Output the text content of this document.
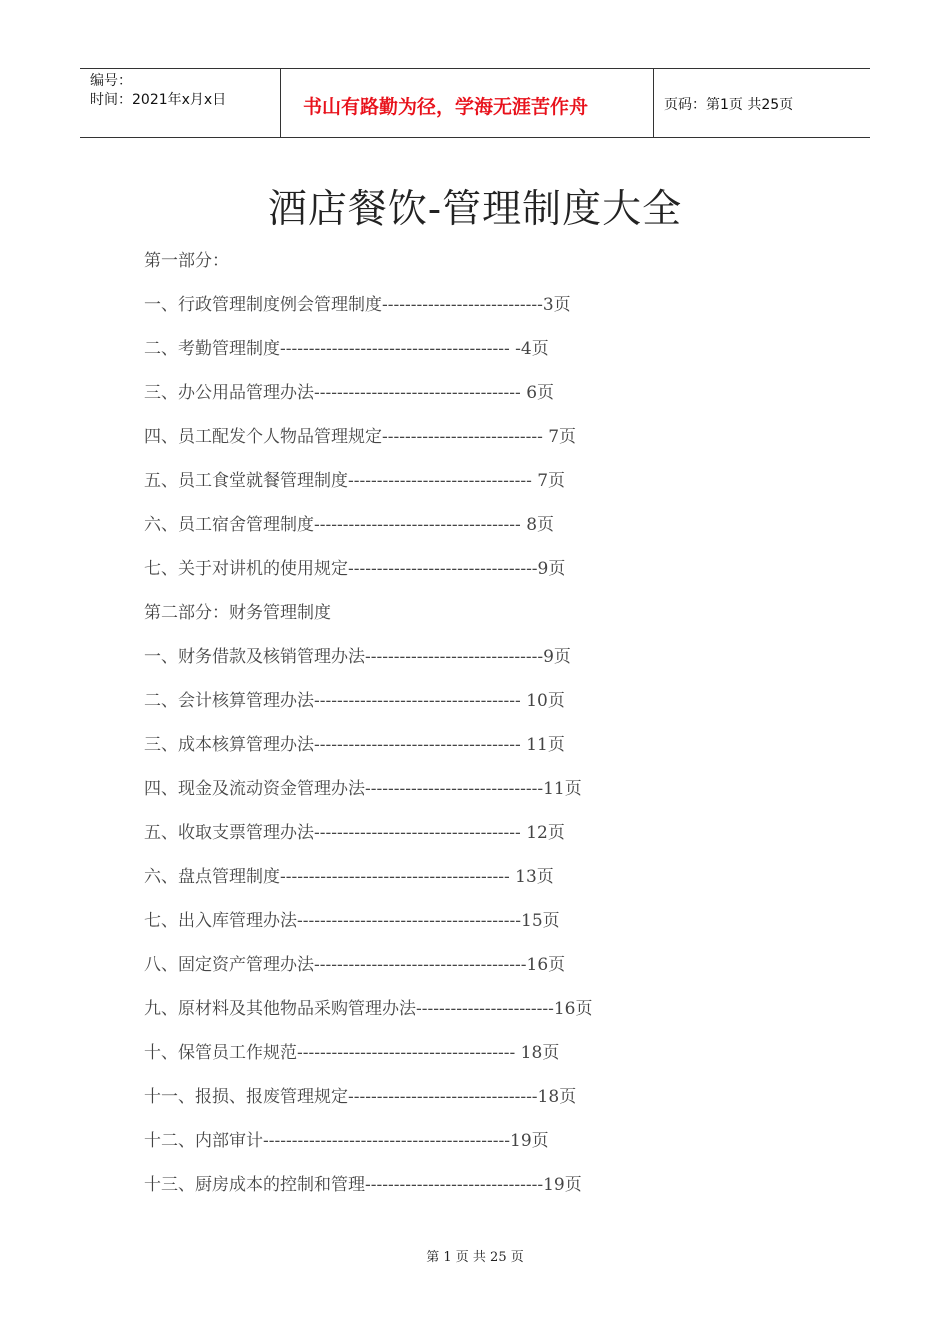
编号：
时间：2021年x月x日	书山有路勤为径，学海无涯苦作舟	页码：第1页 共25页
酒店餐饮-管理制度大全
第一部分：
一、行政管理制度例会管理制度----------------------------3页
二、考勤管理制度---------------------------------------- -4页
三、办公用品管理办法------------------------------------ 6页
四、员工配发个人物品管理规定---------------------------- 7页
五、员工食堂就餐管理制度-------------------------------- 7页
六、员工宿舍管理制度------------------------------------ 8页
七、关于对讲机的使用规定---------------------------------9页
第二部分：财务管理制度
一、财务借款及核销管理办法-------------------------------9页
二、会计核算管理办法------------------------------------ 10页
三、成本核算管理办法------------------------------------ 11页
四、现金及流动资金管理办法-------------------------------11页
五、收取支票管理办法------------------------------------ 12页
六、盘点管理制度---------------------------------------- 13页
七、出入库管理办法---------------------------------------15页
八、固定资产管理办法-------------------------------------16页
九、原材料及其他物品采购管理办法------------------------16页
十、保管员工作规范-------------------------------------- 18页
十一、报损、报废管理规定---------------------------------18页
十二、内部审计-------------------------------------------19页
十三、厨房成本的控制和管理-------------------------------19页
第 1 页 共 25 页
